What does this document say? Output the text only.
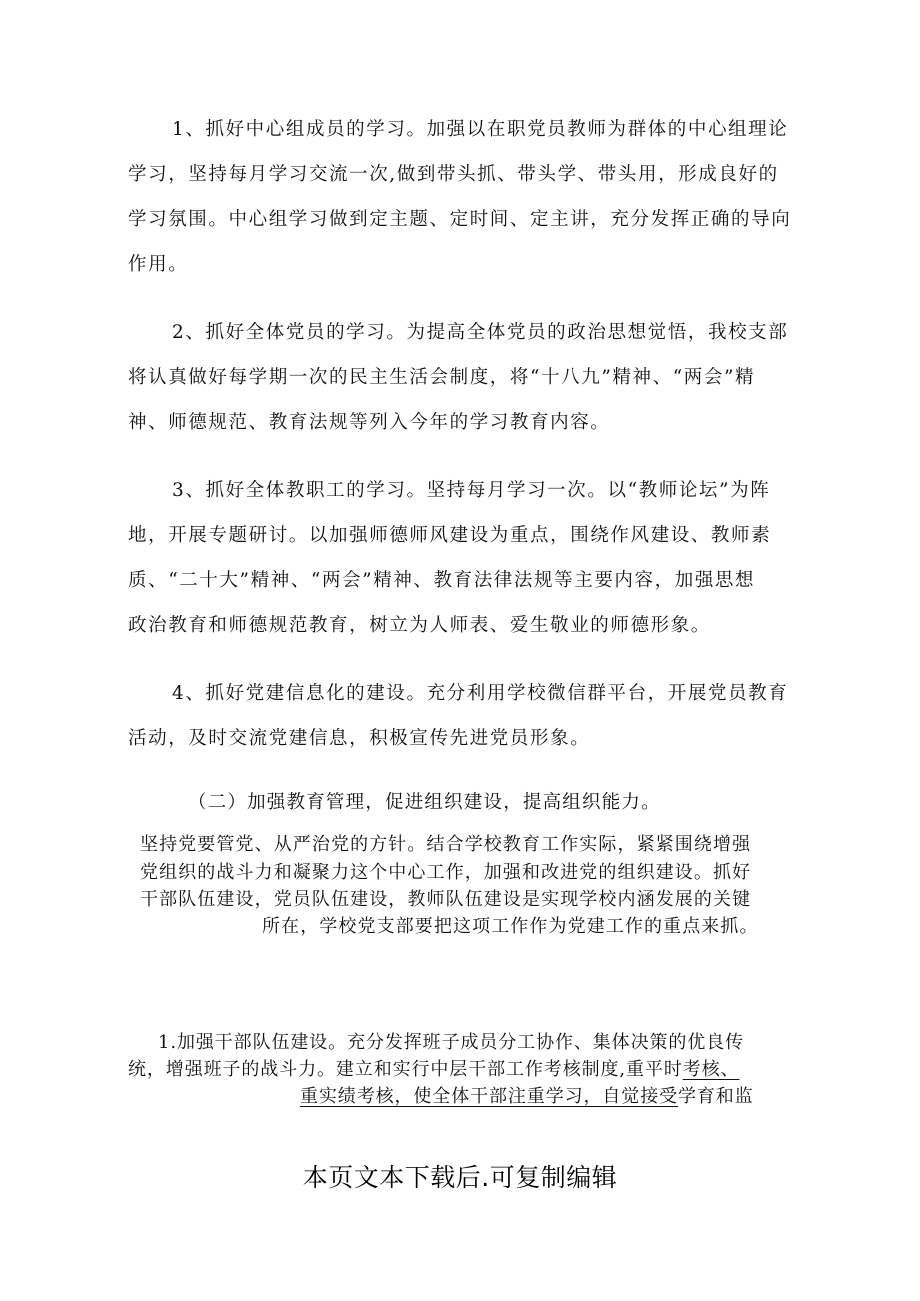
1、抓好中心组成员的学习。加强以在职党员教师为群体的中心组理论
学习，坚持每月学习交流一次,做到带头抓、带头学、带头用，形成良好的
学习氛围。中心组学习做到定主题、定时间、定主讲，充分发挥正确的导向
作用。
2、抓好全体党员的学习。为提高全体党员的政治思想觉悟，我校支部
将认真做好每学期一次的民主生活会制度，将“十八九”精神、“两会”精
神、师德规范、教育法规等列入今年的学习教育内容。
3、抓好全体教职工的学习。坚持每月学习一次。以“教师论坛”为阵
地，开展专题研讨。以加强师德师风建设为重点，围绕作风建设、教师素
质、“二十大”精神、“两会”精神、教育法律法规等主要内容，加强思想
政治教育和师德规范教育，树立为人师表、爱生敬业的师德形象。
4、抓好党建信息化的建设。充分利用学校微信群平台，开展党员教育
活动，及时交流党建信息，积极宣传先进党员形象。
（二）加强教育管理，促进组织建设，提高组织能力。
坚持党要管党、从严治党的方针。结合学校教育工作实际，紧紧围绕增强
党组织的战斗力和凝聚力这个中心工作，加强和改进党的组织建设。抓好
干部队伍建设，党员队伍建设，教师队伍建设是实现学校内涵发展的关键
所在，学校党支部要把这项工作作为党建工作的重点来抓。
1.加强干部队伍建设。充分发挥班子成员分工协作、集体决策的优良传
统，增强班子的战斗力。建立和实行中层干部工作考核制度,重平时考核、
重实绩考核，使全体干部注重学习，自觉接受学育和监
本页文本下载后.可复制编辑
